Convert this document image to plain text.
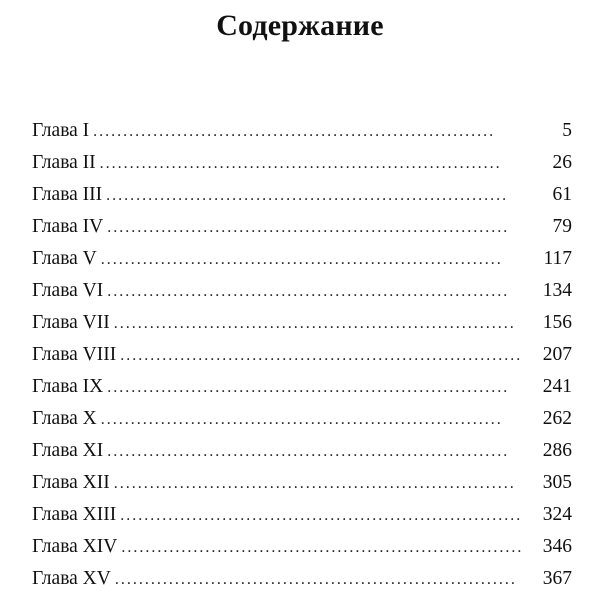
Содержание
Глава I . . .	5
Глава II . . .	26
Глава III . . .	61
Глава IV . . .	79
Глава V . . .	117
Глава VI . . .	134
Глава VII . . .	156
Глава VIII . . .	207
Глава IX . . .	241
Глава X . . .	262
Глава XI . . .	286
Глава XII . . .	305
Глава XIII . . .	324
Глава XIV . . .	346
Глава XV . . .	367
